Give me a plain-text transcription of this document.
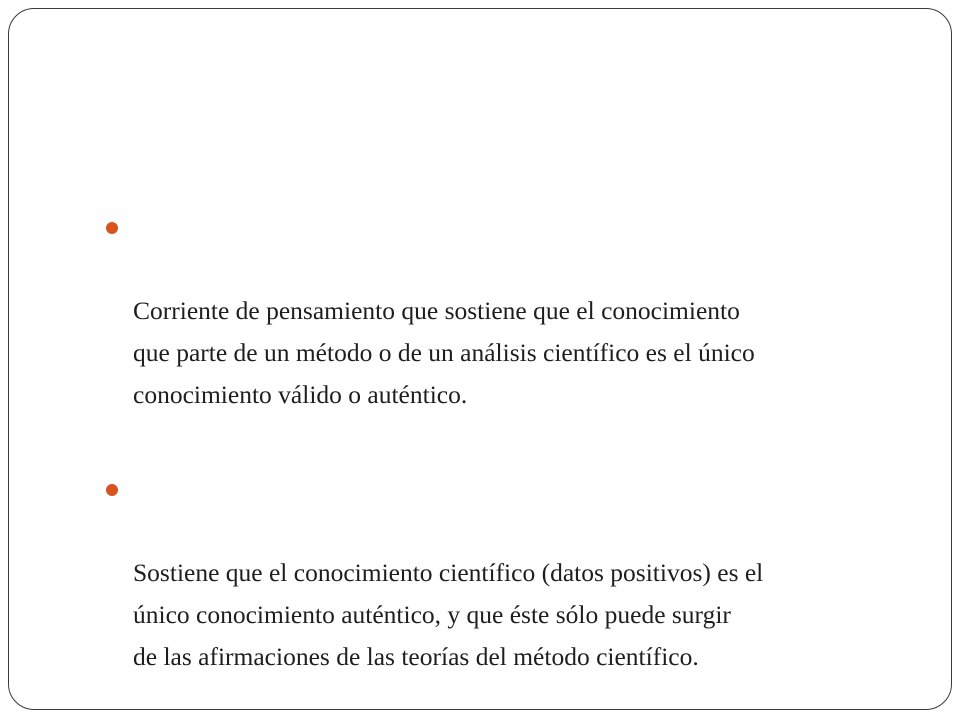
Corriente de pensamiento que sostiene que el conocimiento
que parte de un método o de un análisis científico es el único
conocimiento válido o auténtico.

Sostiene que el conocimiento científico (datos positivos) es el
único conocimiento auténtico, y que éste sólo puede surgir
de las afirmaciones de las teorías del método científico.
